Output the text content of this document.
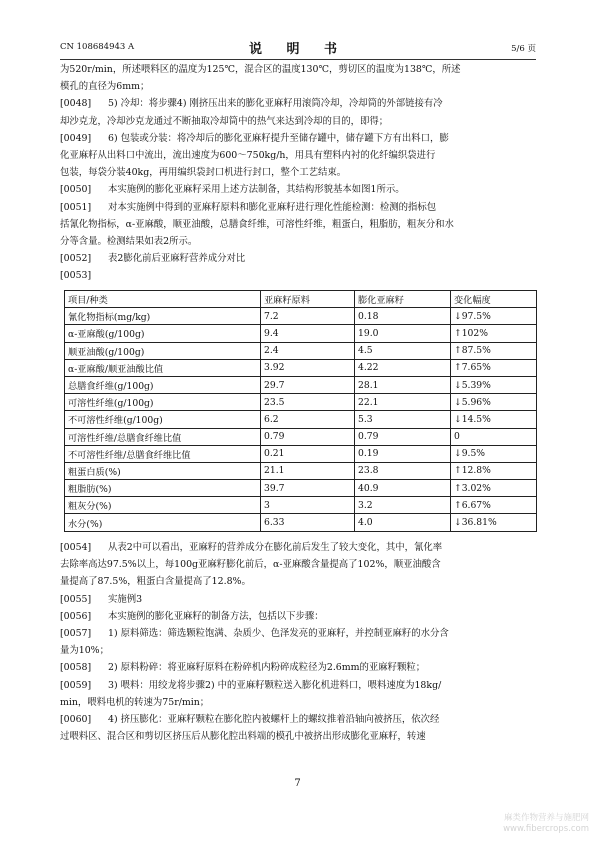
CN 108684943 A	说 明 书	5/6 页
为520r/min，所述喂料区的温度为125℃，混合区的温度130℃，剪切区的温度为138℃，所述
模孔的直径为6mm；
[0048] 5) 冷却：将步骤4) 刚挤压出来的膨化亚麻籽用滚筒冷却，冷却筒的外部链接有冷
却沙克龙，冷却沙克龙通过不断抽取冷却筒中的热气来达到冷却的目的，即得；
[0049] 6) 包装或分装：将冷却后的膨化亚麻籽提升至储存罐中，储存罐下方有出料口，膨
化亚麻籽从出料口中流出，流出速度为600～750kg/h，用具有塑料内衬的化纤编织袋进行
包装，每袋分装40kg，再用编织袋封口机进行封口，整个工艺结束。
[0050] 本实施例的膨化亚麻籽采用上述方法制备，其结构形貌基本如图1所示。
[0051] 对本实施例中得到的亚麻籽原料和膨化亚麻籽进行理化性能检测：检测的指标包
括氰化物指标，α-亚麻酸，顺亚油酸，总膳食纤维，可溶性纤维，粗蛋白，粗脂肪，粗灰分和水
分等含量。检测结果如表2所示。
[0052] 表2膨化前后亚麻籽营养成分对比
[0053]
项目/种类	亚麻籽原料	膨化亚麻籽	变化幅度
氰化物指标(mg/kg)	7.2	0.18	↓97.5%
α-亚麻酸(g/100g)	9.4	19.0	↑102%
顺亚油酸(g/100g)	2.4	4.5	↑87.5%
α-亚麻酸/顺亚油酸比值	3.92	4.22	↑7.65%
总膳食纤维(g/100g)	29.7	28.1	↓5.39%
可溶性纤维(g/100g)	23.5	22.1	↓5.96%
不可溶性纤维(g/100g)	6.2	5.3	↓14.5%
可溶性纤维/总膳食纤维比值	0.79	0.79	0
不可溶性纤维/总膳食纤维比值	0.21	0.19	↓9.5%
粗蛋白质(%)	21.1	23.8	↑12.8%
粗脂肪(%)	39.7	40.9	↑3.02%
粗灰分(%)	3	3.2	↑6.67%
水分(%)	6.33	4.0	↓36.81%
[0054] 从表2中可以看出，亚麻籽的营养成分在膨化前后发生了较大变化，其中，氰化率
去除率高达97.5%以上，每100g亚麻籽膨化前后，α-亚麻酸含量提高了102%，顺亚油酸含
量提高了87.5%，粗蛋白含量提高了12.8%。
[0055] 实施例3
[0056] 本实施例的膨化亚麻籽的制备方法，包括以下步骤：
[0057] 1) 原料筛选：筛选颗粒饱满、杂质少、色泽发亮的亚麻籽，并控制亚麻籽的水分含
量为10%；
[0058] 2) 原料粉碎：将亚麻籽原料在粉碎机内粉碎成粒径为2.6mm的亚麻籽颗粒；
[0059] 3) 喂料：用绞龙将步骤2) 中的亚麻籽颗粒送入膨化机进料口，喂料速度为18kg/
min，喂料电机的转速为75r/min；
[0060] 4) 挤压膨化：亚麻籽颗粒在膨化腔内被螺杆上的螺纹推着沿轴向被挤压，依次经
过喂料区、混合区和剪切区挤压后从膨化腔出料端的模孔中被挤出形成膨化亚麻籽，转速
7
麻类作物营养与施肥网
www.fibercrops.com
